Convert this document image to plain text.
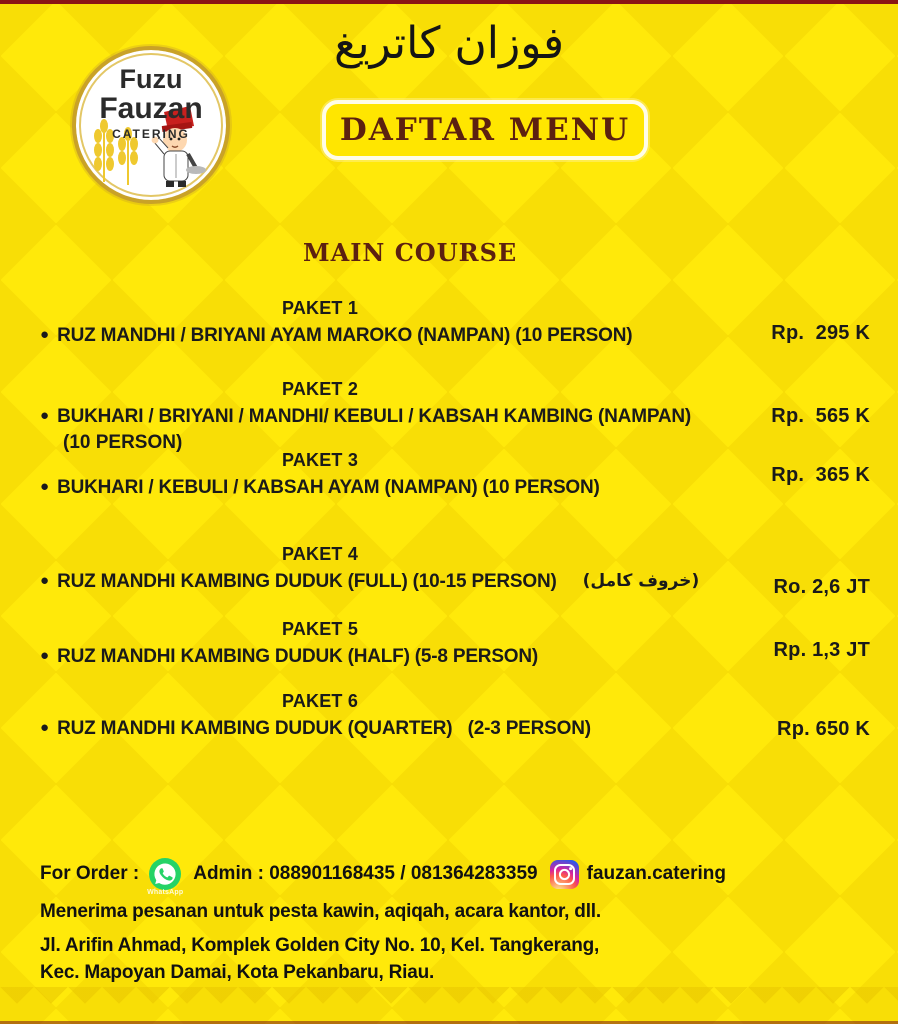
فوزان كاتريغ
Fuzu
Fauzan
CATERING	DAFTAR MENU
MAIN COURSE
PAKET 1
● RUZ MANDHI / BRIYANI AYAM MAROKO (NAMPAN) (10 PERSON)	Rp.  295 K
PAKET 2
● BUKHARI / BRIYANI / MANDHI/ KEBULI / KABSAH KAMBING (NAMPAN)
(10 PERSON)
Rp.  565 K
PAKET 3
● BUKHARI / KEBULI / KABSAH AYAM (NAMPAN) (10 PERSON)
Rp.  365 K
PAKET 4
● RUZ MANDHI KAMBING DUDUK (FULL) (10-15 PERSON) (خروف كامل)	Ro. 2,6 JT
PAKET 5
● RUZ MANDHI KAMBING DUDUK (HALF) (5-8 PERSON)	Rp. 1,3 JT
PAKET 6
● RUZ MANDHI KAMBING DUDUK (QUARTER)   (2-3 PERSON)	Rp. 650 K
For Order :
WhatsApp
Admin : 088901168435 / 081364283359	fauzan.catering
Menerima pesanan untuk pesta kawin, aqiqah, acara kantor, dll.
Jl. Arifin Ahmad, Komplek Golden City No. 10, Kel. Tangkerang,
Kec. Mapoyan Damai, Kota Pekanbaru, Riau.
